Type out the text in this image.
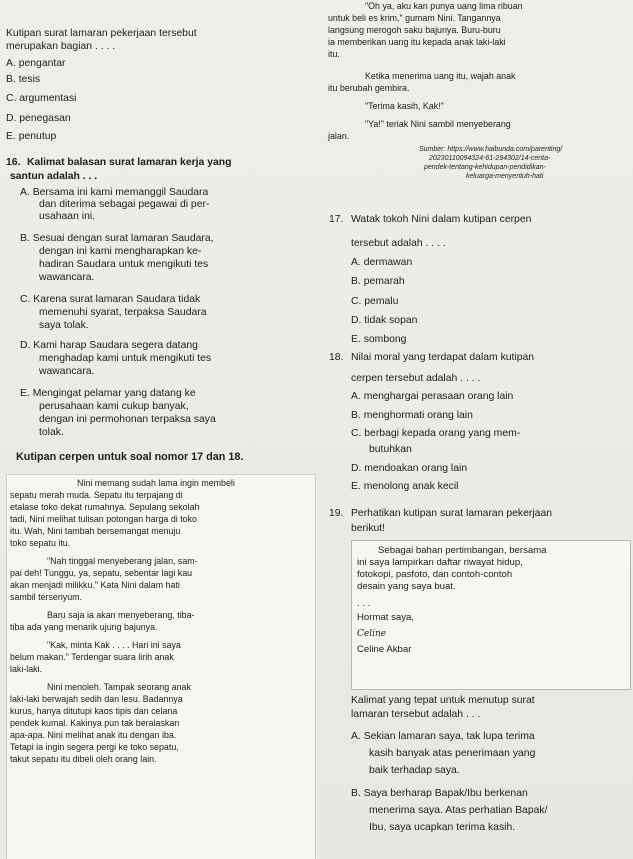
Kutipan surat lamaran pekerjaan tersebut
merupakan bagian . . . .
A. pengantar
B. tesis
C. argumentasi
D. penegasan
E. penutup
16. Kalimat balasan surat lamaran kerja yang
santun adalah . . .
A. Bersama ini kami memanggil Saudara
dan diterima sebagai pegawai di per-
usahaan ini.
B. Sesuai dengan surat lamaran Saudara,
dengan ini kami mengharapkan ke-
hadiran Saudara untuk mengikuti tes
wawancara.
C. Karena surat lamaran Saudara tidak
memenuhi syarat, terpaksa Saudara
saya tolak.
D. Kami harap Saudara segera datang
menghadap kami untuk mengikuti tes
wawancara.
E. Mengingat pelamar yang datang ke
perusahaan kami cukup banyak,
dengan ini permohonan terpaksa saya
tolak.
Kutipan cerpen untuk soal nomor 17 dan 18.
Nini memang sudah lama ingin membeli
sepatu merah muda. Sepatu itu terpajang di
etalase toko dekat rumahnya. Sepulang sekolah
tadi, Nini melihat tulisan potongan harga di toko
itu. Wah, Nini tambah bersemangat menuju
toko sepatu itu.
"Nah tinggal menyeberang jalan, sam-
pai deh! Tunggu, ya, sepatu, sebentar lagi kau
akan menjadi milikku." Kata Nini dalam hati
sambil tersenyum.
Baru saja ia akan menyeberang, tiba-
tiba ada yang menarik ujung bajunya.
"Kak, minta Kak . . . . Hari ini saya
belum makan." Terdengar suara lirih anak
laki-laki.
Nini menoleh. Tampak seorang anak
laki-laki berwajah sedih dan lesu. Badannya
kurus, hanya ditutupi kaos tipis dan celana
pendek kumal. Kakinya pun tak beralaskan
apa-apa. Nini melihat anak itu dengan iba.
Tetapi ia ingin segera pergi ke toko sepatu,
takut sepatu itu dibeli oleh orang lain.
"Oh ya, aku kan punya uang lima ribuan
untuk beli es krim," gumam Nini. Tangannya
langsung merogoh saku bajunya. Buru-buru
ia memberikan uang itu kepada anak laki-laki
itu.
Ketika menerima uang itu, wajah anak
itu berubah gembira.
"Terima kasih, Kak!"
"Ya!" teriak Nini sambil menyeberang
jalan.
Sumber: https://www.haibunda.com/parenting/
20230110094324-61-294302/14-cerita-
pendek-tentang-kehidupan-pendidikan-
keluarga-menyentuh-hati
17. Watak tokoh Nini dalam kutipan cerpen
tersebut adalah . . . .
A. dermawan
B. pemarah
C. pemalu
D. tidak sopan
E. sombong
18. Nilai moral yang terdapat dalam kutipan
cerpen tersebut adalah . . . .
A. menghargai perasaan orang lain
B. menghormati orang lain
C. berbagi kepada orang yang mem-
butuhkan
D. mendoakan orang lain
E. menolong anak kecil
19. Perhatikan kutipan surat lamaran pekerjaan
berikut!
Sebagai bahan pertimbangan, bersama
ini saya lampirkan daftar riwayat hidup,
fotokopi, pasfoto, dan contoh-contoh
desain yang saya buat.
. . .
Hormat saya,
Celine
Celine Akbar
Kalimat yang tepat untuk menutup surat
lamaran tersebut adalah . . .
A. Sekian lamaran saya, tak lupa terima
kasih banyak atas penerimaan yang
baik terhadap saya.
B. Saya berharap Bapak/Ibu berkenan
menerima saya. Atas perhatian Bapak/
Ibu, saya ucapkan terima kasih.
